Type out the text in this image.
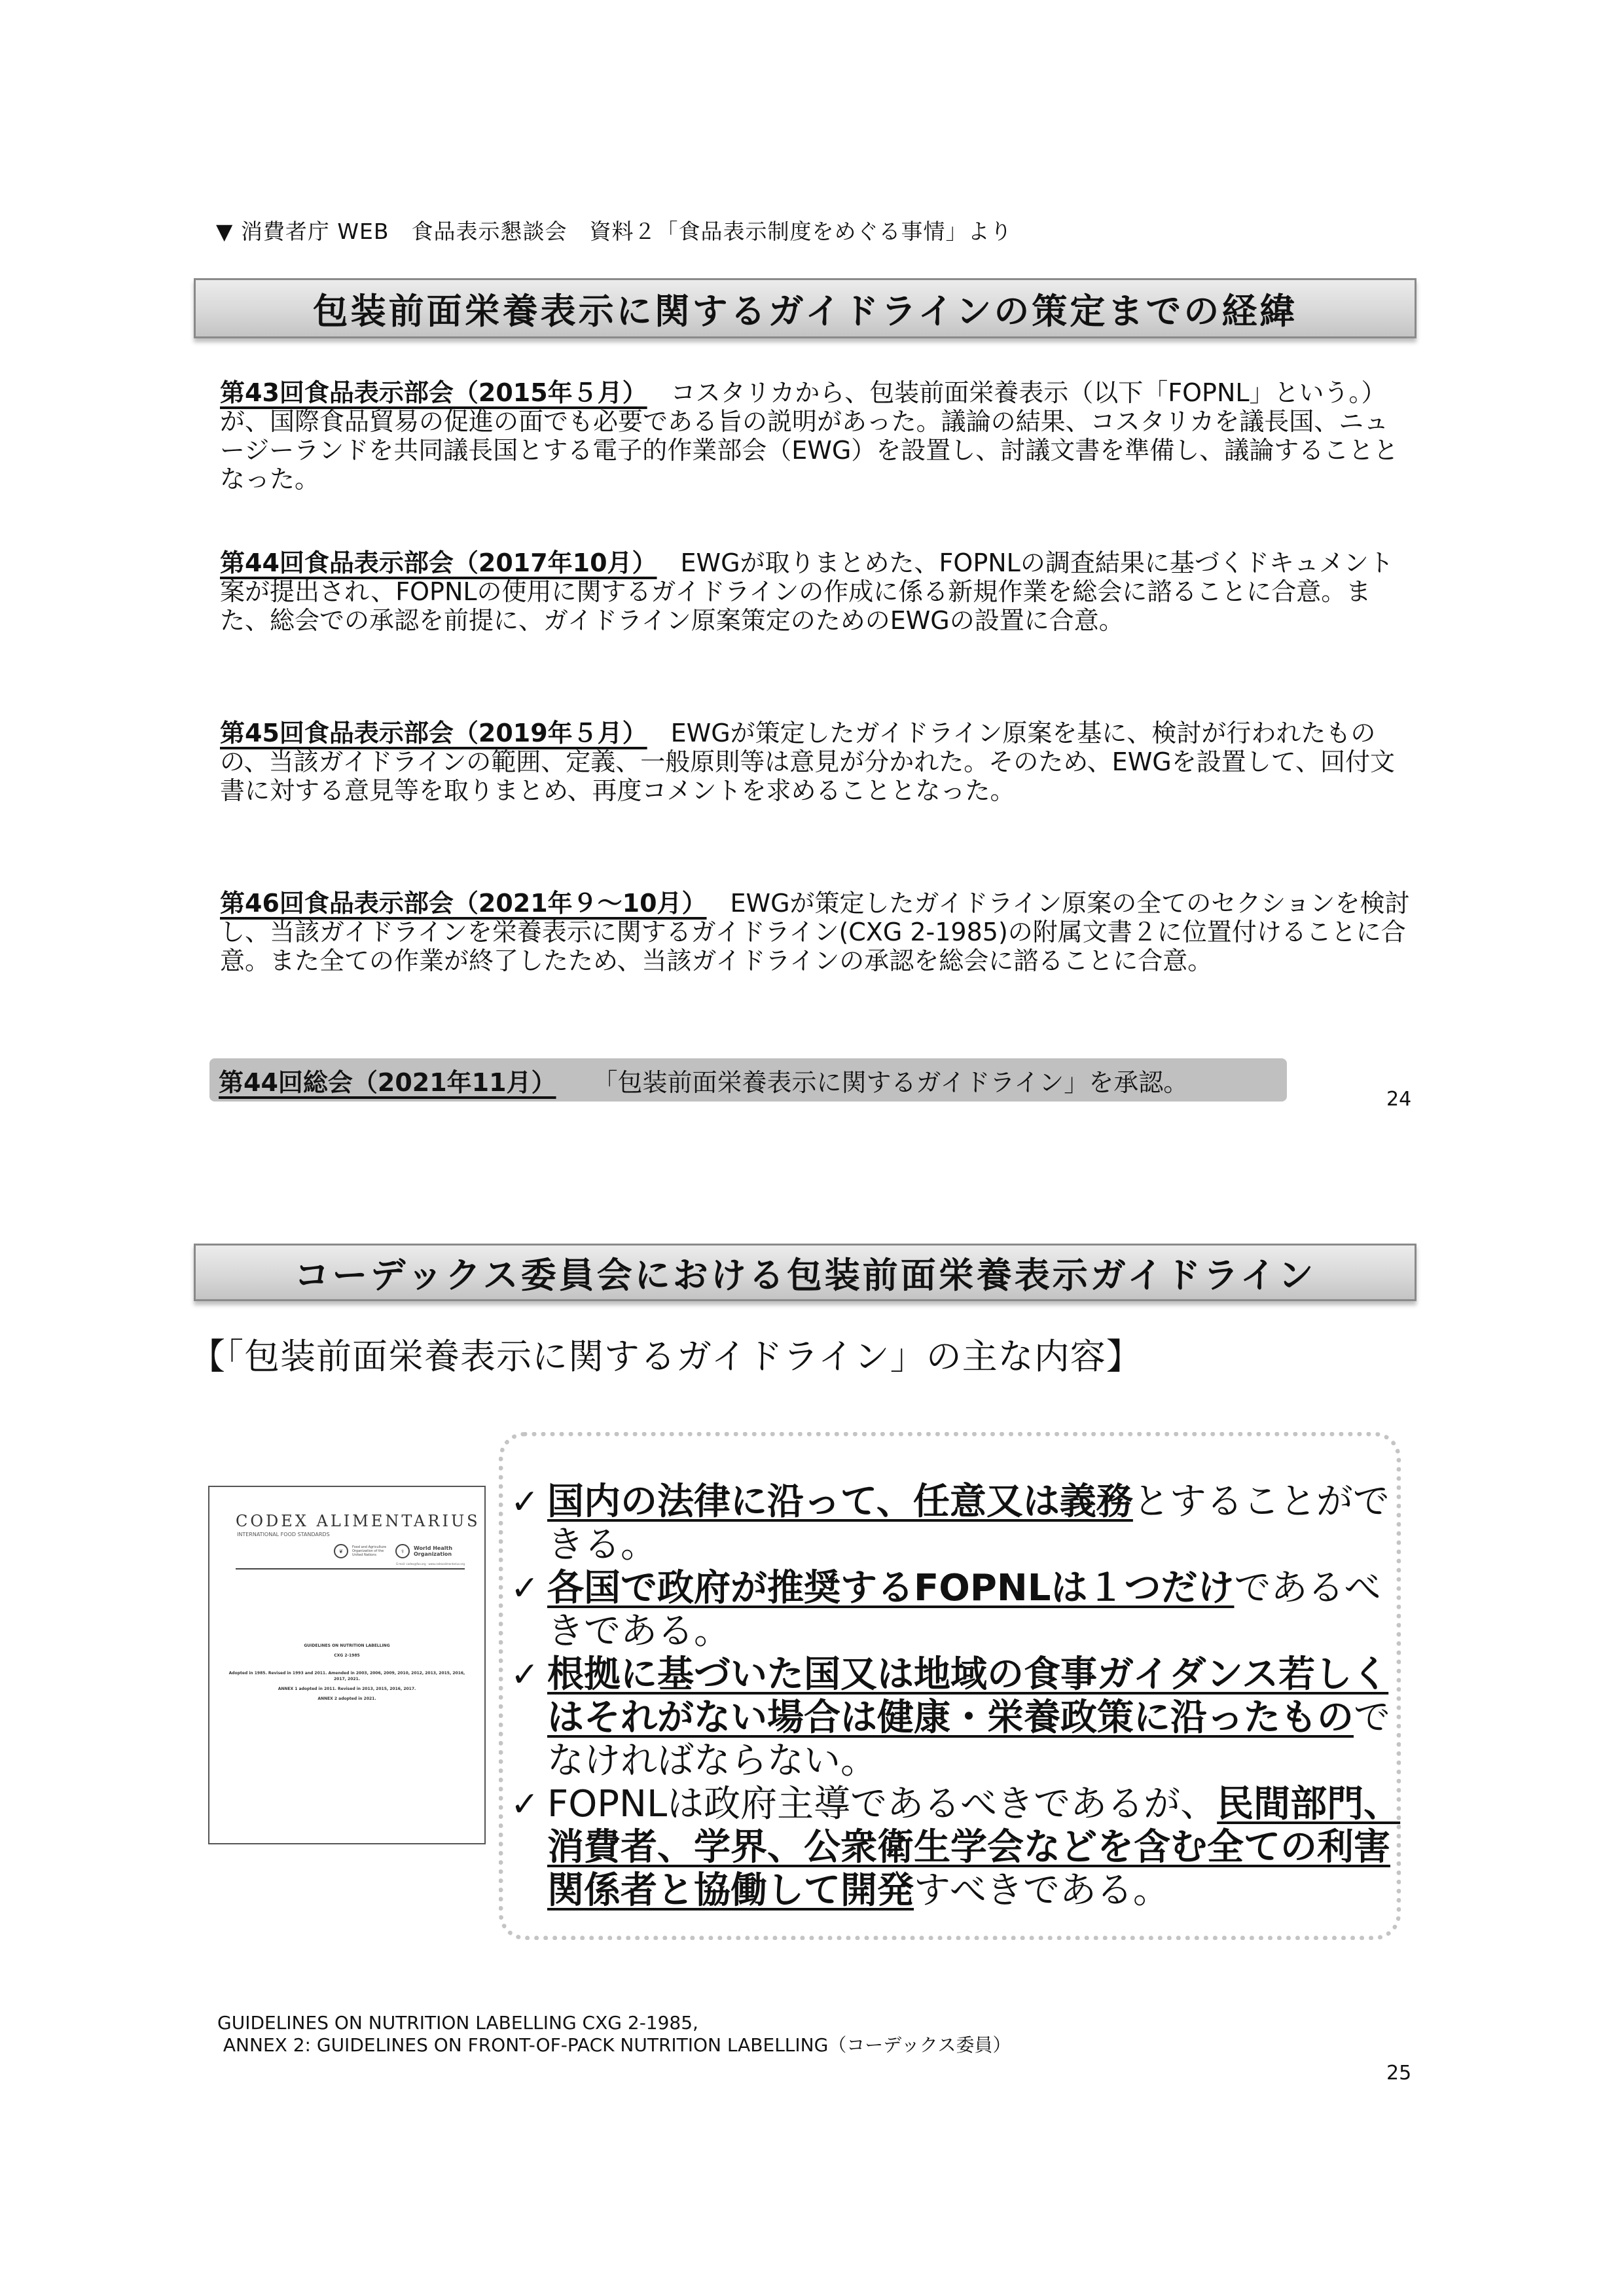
▼ 消費者庁 WEB　食品表示懇談会　資料２「食品表示制度をめぐる事情」より
包装前面栄養表示に関するガイドラインの策定までの経緯
第43回食品表示部会（2015年５月） コスタリカから、包装前面栄養表示（以下「FOPNL」という。）が、国際食品貿易の促進の面でも必要である旨の説明があった。議論の結果、コスタリカを議長国、ニュージーランドを共同議長国とする電子的作業部会（EWG）を設置し、討議文書を準備し、議論することとなった。
第44回食品表示部会（2017年10月） EWGが取りまとめた、FOPNLの調査結果に基づくドキュメント案が提出され、FOPNLの使用に関するガイドラインの作成に係る新規作業を総会に諮ることに合意。また、総会での承認を前提に、ガイドライン原案策定のためのEWGの設置に合意。
第45回食品表示部会（2019年５月） EWGが策定したガイドライン原案を基に、検討が行われたものの、当該ガイドラインの範囲、定義、一般原則等は意見が分かれた。そのため、EWGを設置して、回付文書に対する意見等を取りまとめ、再度コメントを求めることとなった。
第46回食品表示部会（2021年９～10月） EWGが策定したガイドライン原案の全てのセクションを検討し、当該ガイドラインを栄養表示に関するガイドライン(CXG 2-1985)の附属文書２に位置付けることに合意。また全ての作業が終了したため、当該ガイドラインの承認を総会に諮ることに合意。
第44回総会（2021年11月） 「包装前面栄養表示に関するガイドライン」を承認。
24
コーデックス委員会における包装前面栄養表示ガイドライン
【「包装前面栄養表示に関するガイドライン」の主な内容】
CODEX ALIMENTARIUS
INTERNATIONAL FOOD STANDARDS
❦
Food and Agriculture Organization of the United Nations
⚕	World Health Organization
E-mail: codex@fao.org - www.codexalimentarius.org
GUIDELINES ON NUTRITION LABELLING
CXG 2-1985
Adopted in 1985. Revised in 1993 and 2011. Amended in 2003, 2006, 2009, 2010, 2012, 2013, 2015, 2016, 2017, 2021.
ANNEX 1 adopted in 2011. Revised in 2013, 2015, 2016, 2017.
ANNEX 2 adopted in 2021.
✓ 国内の法律に沿って、任意又は義務とすることができる。
✓ 各国で政府が推奨するFOPNLは１つだけであるべきである。
✓ 根拠に基づいた国又は地域の食事ガイダンス若しくはそれがない場合は健康・栄養政策に沿ったものでなければならない。
✓ FOPNLは政府主導であるべきであるが、民間部門、消費者、学界、公衆衛生学会などを含む全ての利害関係者と協働して開発すべきである。
GUIDELINES ON NUTRITION LABELLING CXG 2-1985,
ANNEX 2: GUIDELINES ON FRONT-OF-PACK NUTRITION LABELLING（コーデックス委員）
25
